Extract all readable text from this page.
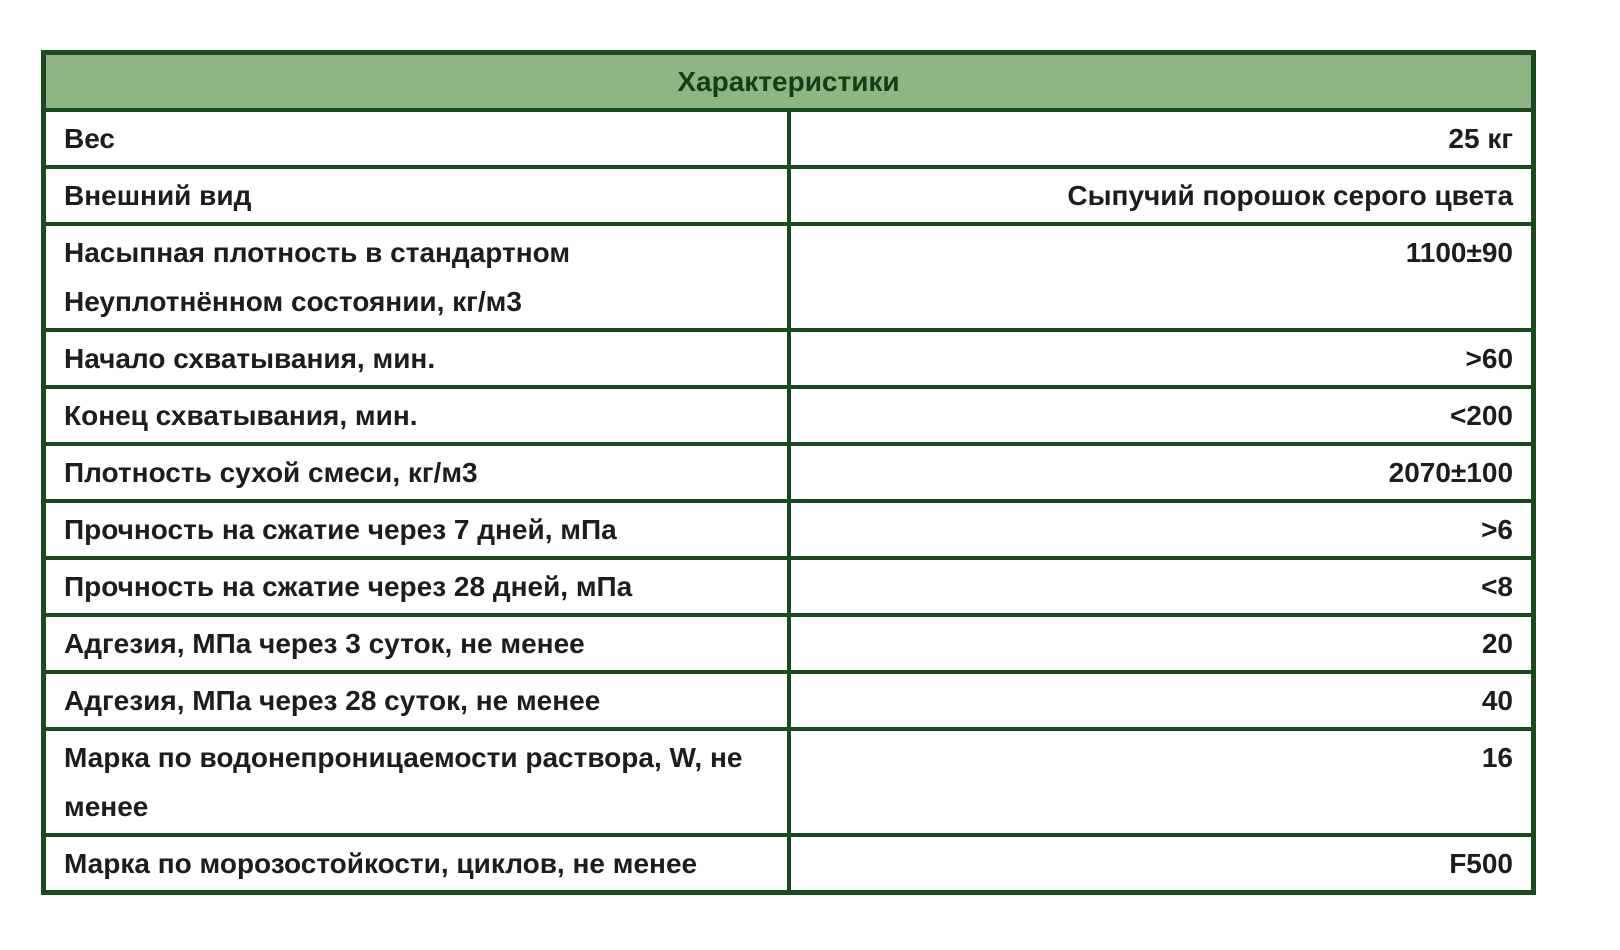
Характеристики	
Вес	25 кг
Внешний вид	Сыпучий порошок серого цвета
Насыпная плотность в стандартном Неуплотнённом состоянии, кг/м3	1100±90
Начало схватывания, мин.	>60
Конец схватывания, мин.	<200
Плотность сухой смеси, кг/м3	2070±100
Прочность на сжатие через 7 дней, мПа	>6
Прочность на сжатие через 28 дней, мПа	<8
Адгезия, МПа через 3 суток, не менее	20
Адгезия, МПа через 28 суток, не менее	40
Марка по водонепроницаемости раствора, W, не менее	16
Марка по морозостойкости, циклов, не менее	F500
